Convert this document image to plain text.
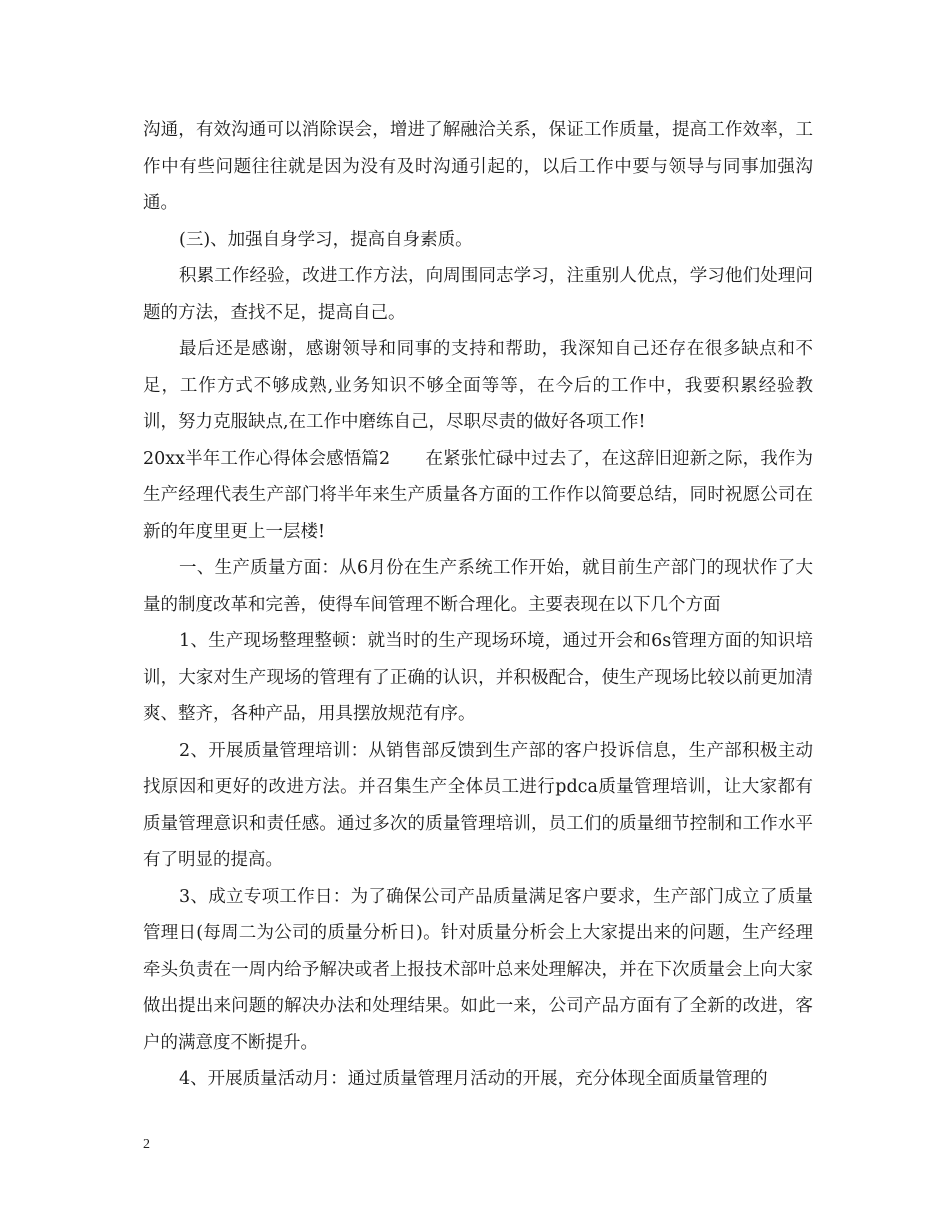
沟通，有效沟通可以消除误会，增进了解融洽关系，保证工作质量，提高工作效率，工作中有些问题往往就是因为没有及时沟通引起的，以后工作中要与领导与同事加强沟通。

(三)、加强自身学习，提高自身素质。

积累工作经验，改进工作方法，向周围同志学习，注重别人优点，学习他们处理问题的方法，查找不足，提高自己。

最后还是感谢，感谢领导和同事的支持和帮助，我深知自己还存在很多缺点和不足，工作方式不够成熟,业务知识不够全面等等，在今后的工作中，我要积累经验教训，努力克服缺点,在工作中磨练自己，尽职尽责的做好各项工作!

20xx半年工作心得体会感悟篇2　　在紧张忙碌中过去了，在这辞旧迎新之际，我作为生产经理代表生产部门将半年来生产质量各方面的工作作以简要总结，同时祝愿公司在新的年度里更上一层楼!

一、生产质量方面：从6月份在生产系统工作开始，就目前生产部门的现状作了大量的制度改革和完善，使得车间管理不断合理化。主要表现在以下几个方面

1、生产现场整理整顿：就当时的生产现场环境，通过开会和6s管理方面的知识培训，大家对生产现场的管理有了正确的认识，并积极配合，使生产现场比较以前更加清爽、整齐，各种产品，用具摆放规范有序。

2、开展质量管理培训：从销售部反馈到生产部的客户投诉信息，生产部积极主动找原因和更好的改进方法。并召集生产全体员工进行pdca质量管理培训，让大家都有质量管理意识和责任感。通过多次的质量管理培训，员工们的质量细节控制和工作水平有了明显的提高。

3、成立专项工作日：为了确保公司产品质量满足客户要求，生产部门成立了质量管理日(每周二为公司的质量分析日)。针对质量分析会上大家提出来的问题，生产经理牵头负责在一周内给予解决或者上报技术部叶总来处理解决，并在下次质量会上向大家做出提出来问题的解决办法和处理结果。如此一来，公司产品方面有了全新的改进，客户的满意度不断提升。

4、开展质量活动月：通过质量管理月活动的开展，充分体现全面质量管理的

2
